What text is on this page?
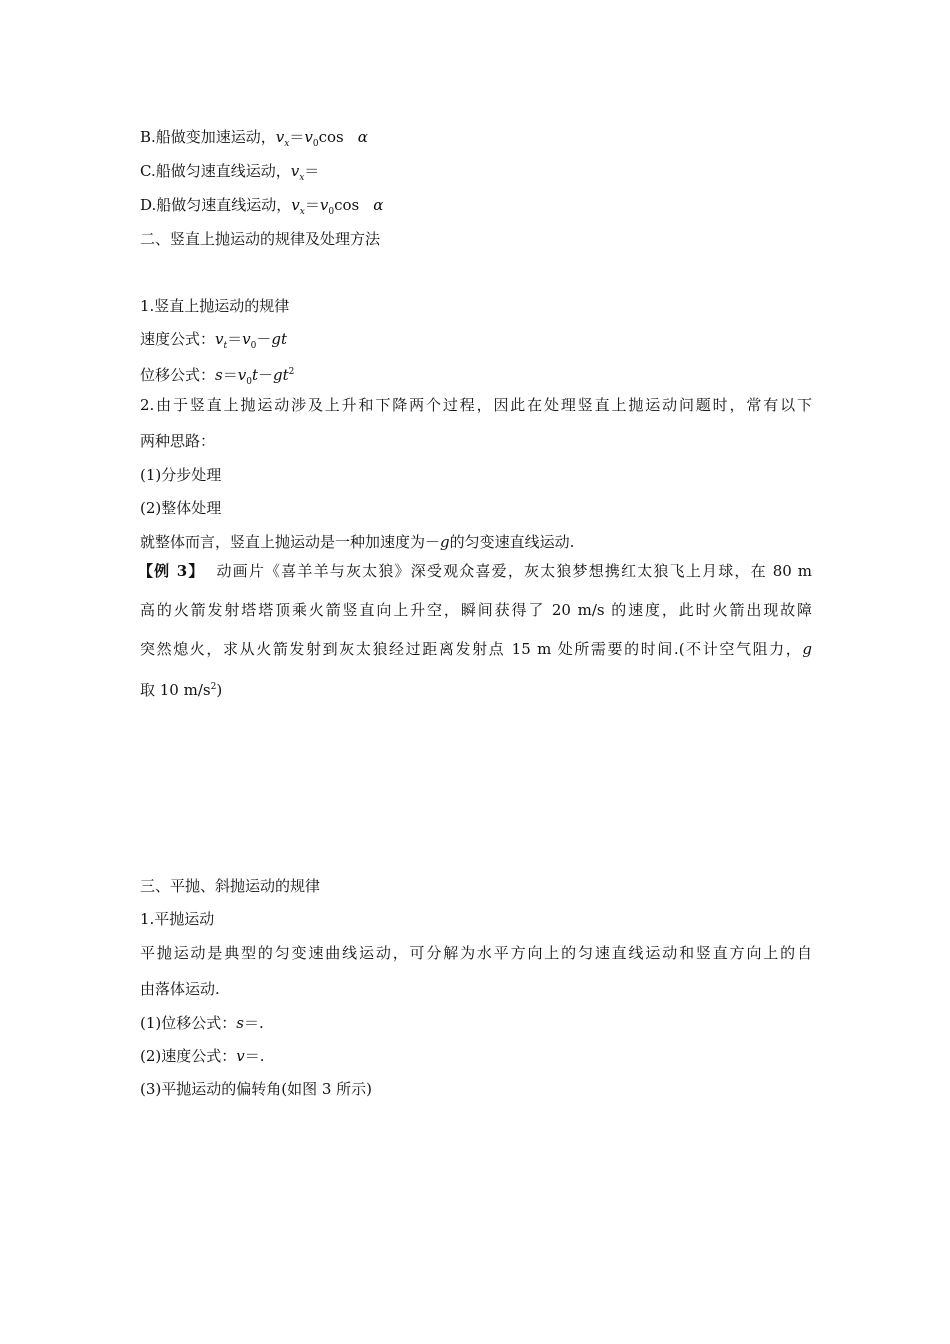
B.船做变加速运动，$v_x=v_0\cos$ α
C.船做匀速直线运动，$v_x=$
D.船做匀速直线运动，$v_x=v_0\cos$ α
二、竖直上抛运动的规律及处理方法
1.竖直上抛运动的规律
速度公式：$v_t=v_0-gt$
位移公式：$s=v_0t-gt^2$
2.由于竖直上抛运动涉及上升和下降两个过程，因此在处理竖直上抛运动问题时，常有以下
两种思路：
(1)分步处理
(2)整体处理
就整体而言，竖直上抛运动是一种加速度为－g的匀变速直线运动.
【例 3】 动画片《喜羊羊与灰太狼》深受观众喜爱，灰太狼梦想携红太狼飞上月球，在 80 m
高的火箭发射塔塔顶乘火箭竖直向上升空，瞬间获得了 20 m/s 的速度，此时火箭出现故障
突然熄火，求从火箭发射到灰太狼经过距离发射点 15 m 处所需要的时间.(不计空气阻力，g
取 10 $m/s^2$)
三、平抛、斜抛运动的规律
1.平抛运动
平抛运动是典型的匀变速曲线运动，可分解为水平方向上的匀速直线运动和竖直方向上的自
由落体运动.
(1)位移公式：s＝.
(2)速度公式：v＝.
(3)平抛运动的偏转角(如图 3 所示)
